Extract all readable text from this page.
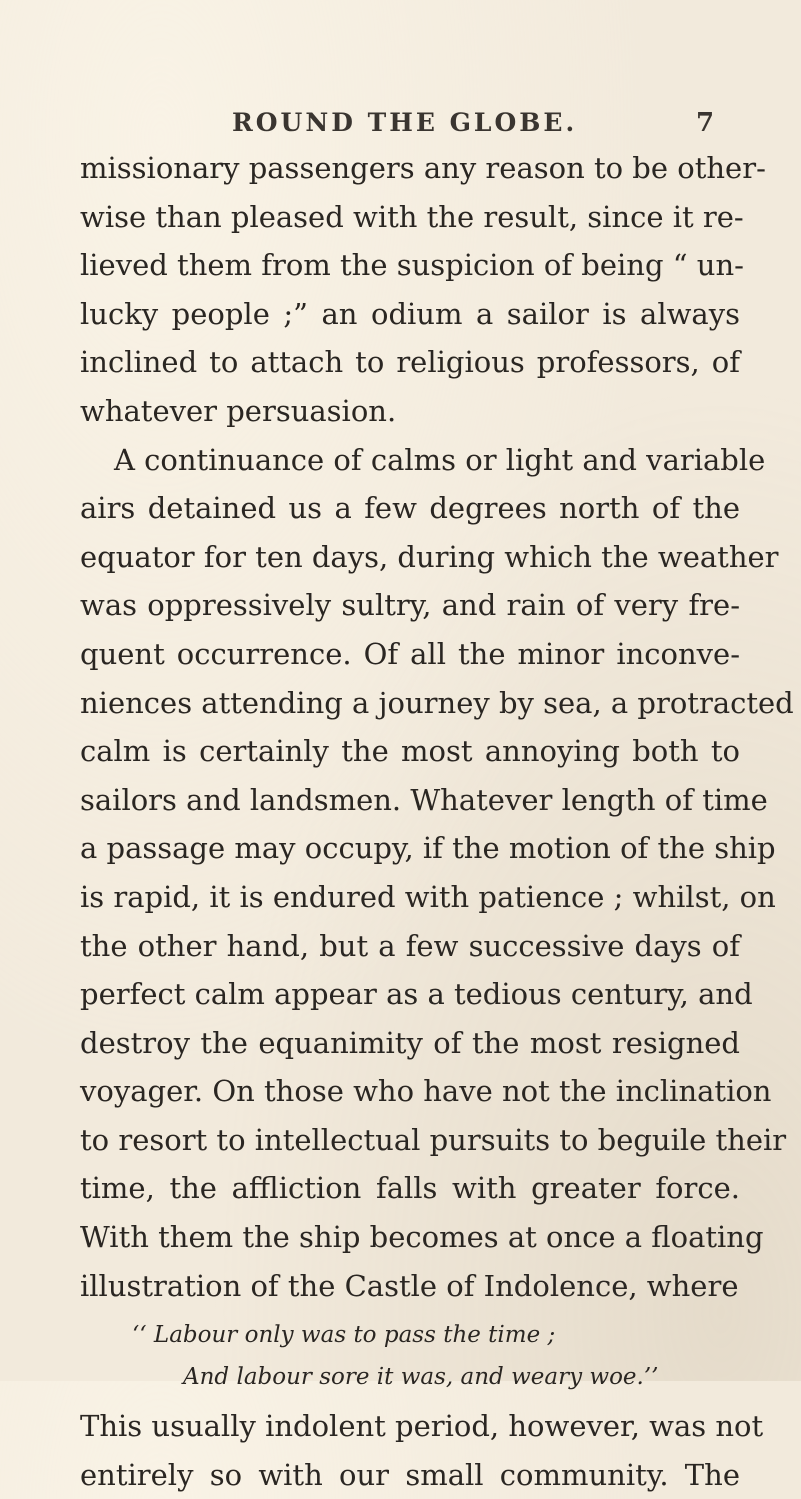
ROUND THE GLOBE.	7
missionary passengers any reason to be other-
wise than pleased with the result, since it re-
lieved them from the suspicion of being “ un-
lucky people ;” an odium a sailor is always
inclined to attach to religious professors, of
whatever persuasion.
A continuance of calms or light and variable
airs detained us a few degrees north of the
equator for ten days, during which the weather
was oppressively sultry, and rain of very fre-
quent occurrence. Of all the minor inconve-
niences attending a journey by sea, a protracted
calm is certainly the most annoying both to
sailors and landsmen. Whatever length of time
a passage may occupy, if the motion of the ship
is rapid, it is endured with patience ; whilst, on
the other hand, but a few successive days of
perfect calm appear as a tedious century, and
destroy the equanimity of the most resigned
voyager. On those who have not the inclination
to resort to intellectual pursuits to beguile their
time, the affliction falls with greater force.
With them the ship becomes at once a floating
illustration of the Castle of Indolence, where
‘‘ Labour only was to pass the time ;
And labour sore it was, and weary woe.’’
This usually indolent period, however, was not
entirely so with our small community. The
